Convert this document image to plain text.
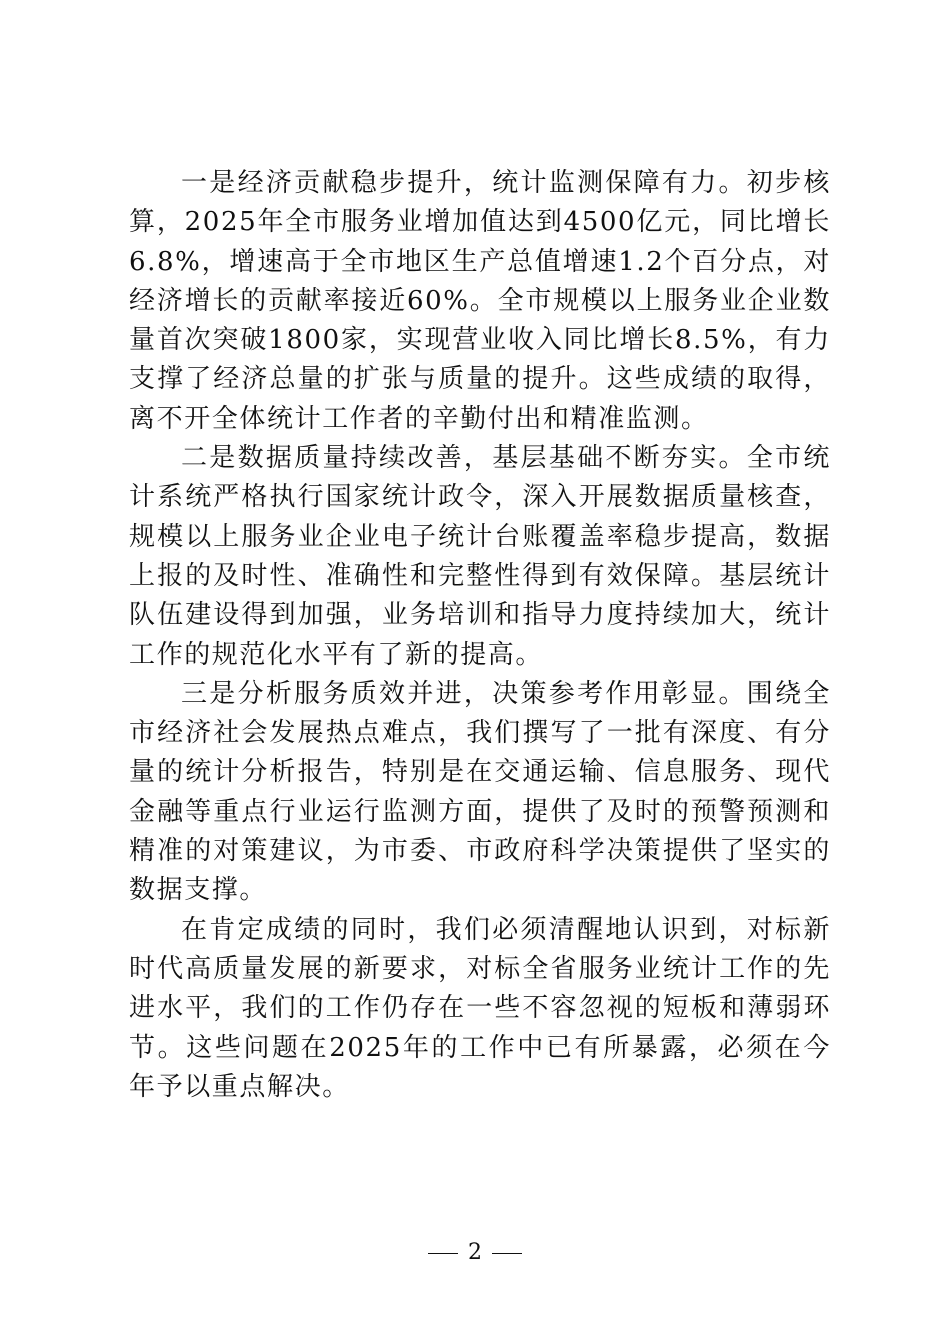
一是经济贡献稳步提升，统计监测保障有力。初步核算，2025年全市服务业增加值达到4500亿元，同比增长6.8%，增速高于全市地区生产总值增速1.2个百分点，对经济增长的贡献率接近60%。全市规模以上服务业企业数量首次突破1800家，实现营业收入同比增长8.5%，有力支撑了经济总量的扩张与质量的提升。这些成绩的取得，离不开全体统计工作者的辛勤付出和精准监测。

二是数据质量持续改善，基层基础不断夯实。全市统计系统严格执行国家统计政令，深入开展数据质量核查，规模以上服务业企业电子统计台账覆盖率稳步提高，数据上报的及时性、准确性和完整性得到有效保障。基层统计队伍建设得到加强，业务培训和指导力度持续加大，统计工作的规范化水平有了新的提高。

三是分析服务质效并进，决策参考作用彰显。围绕全市经济社会发展热点难点，我们撰写了一批有深度、有分量的统计分析报告，特别是在交通运输、信息服务、现代金融等重点行业运行监测方面，提供了及时的预警预测和精准的对策建议，为市委、市政府科学决策提供了坚实的数据支撑。

在肯定成绩的同时，我们必须清醒地认识到，对标新时代高质量发展的新要求，对标全省服务业统计工作的先进水平，我们的工作仍存在一些不容忽视的短板和薄弱环节。这些问题在2025年的工作中已有所暴露，必须在今年予以重点解决。

2
